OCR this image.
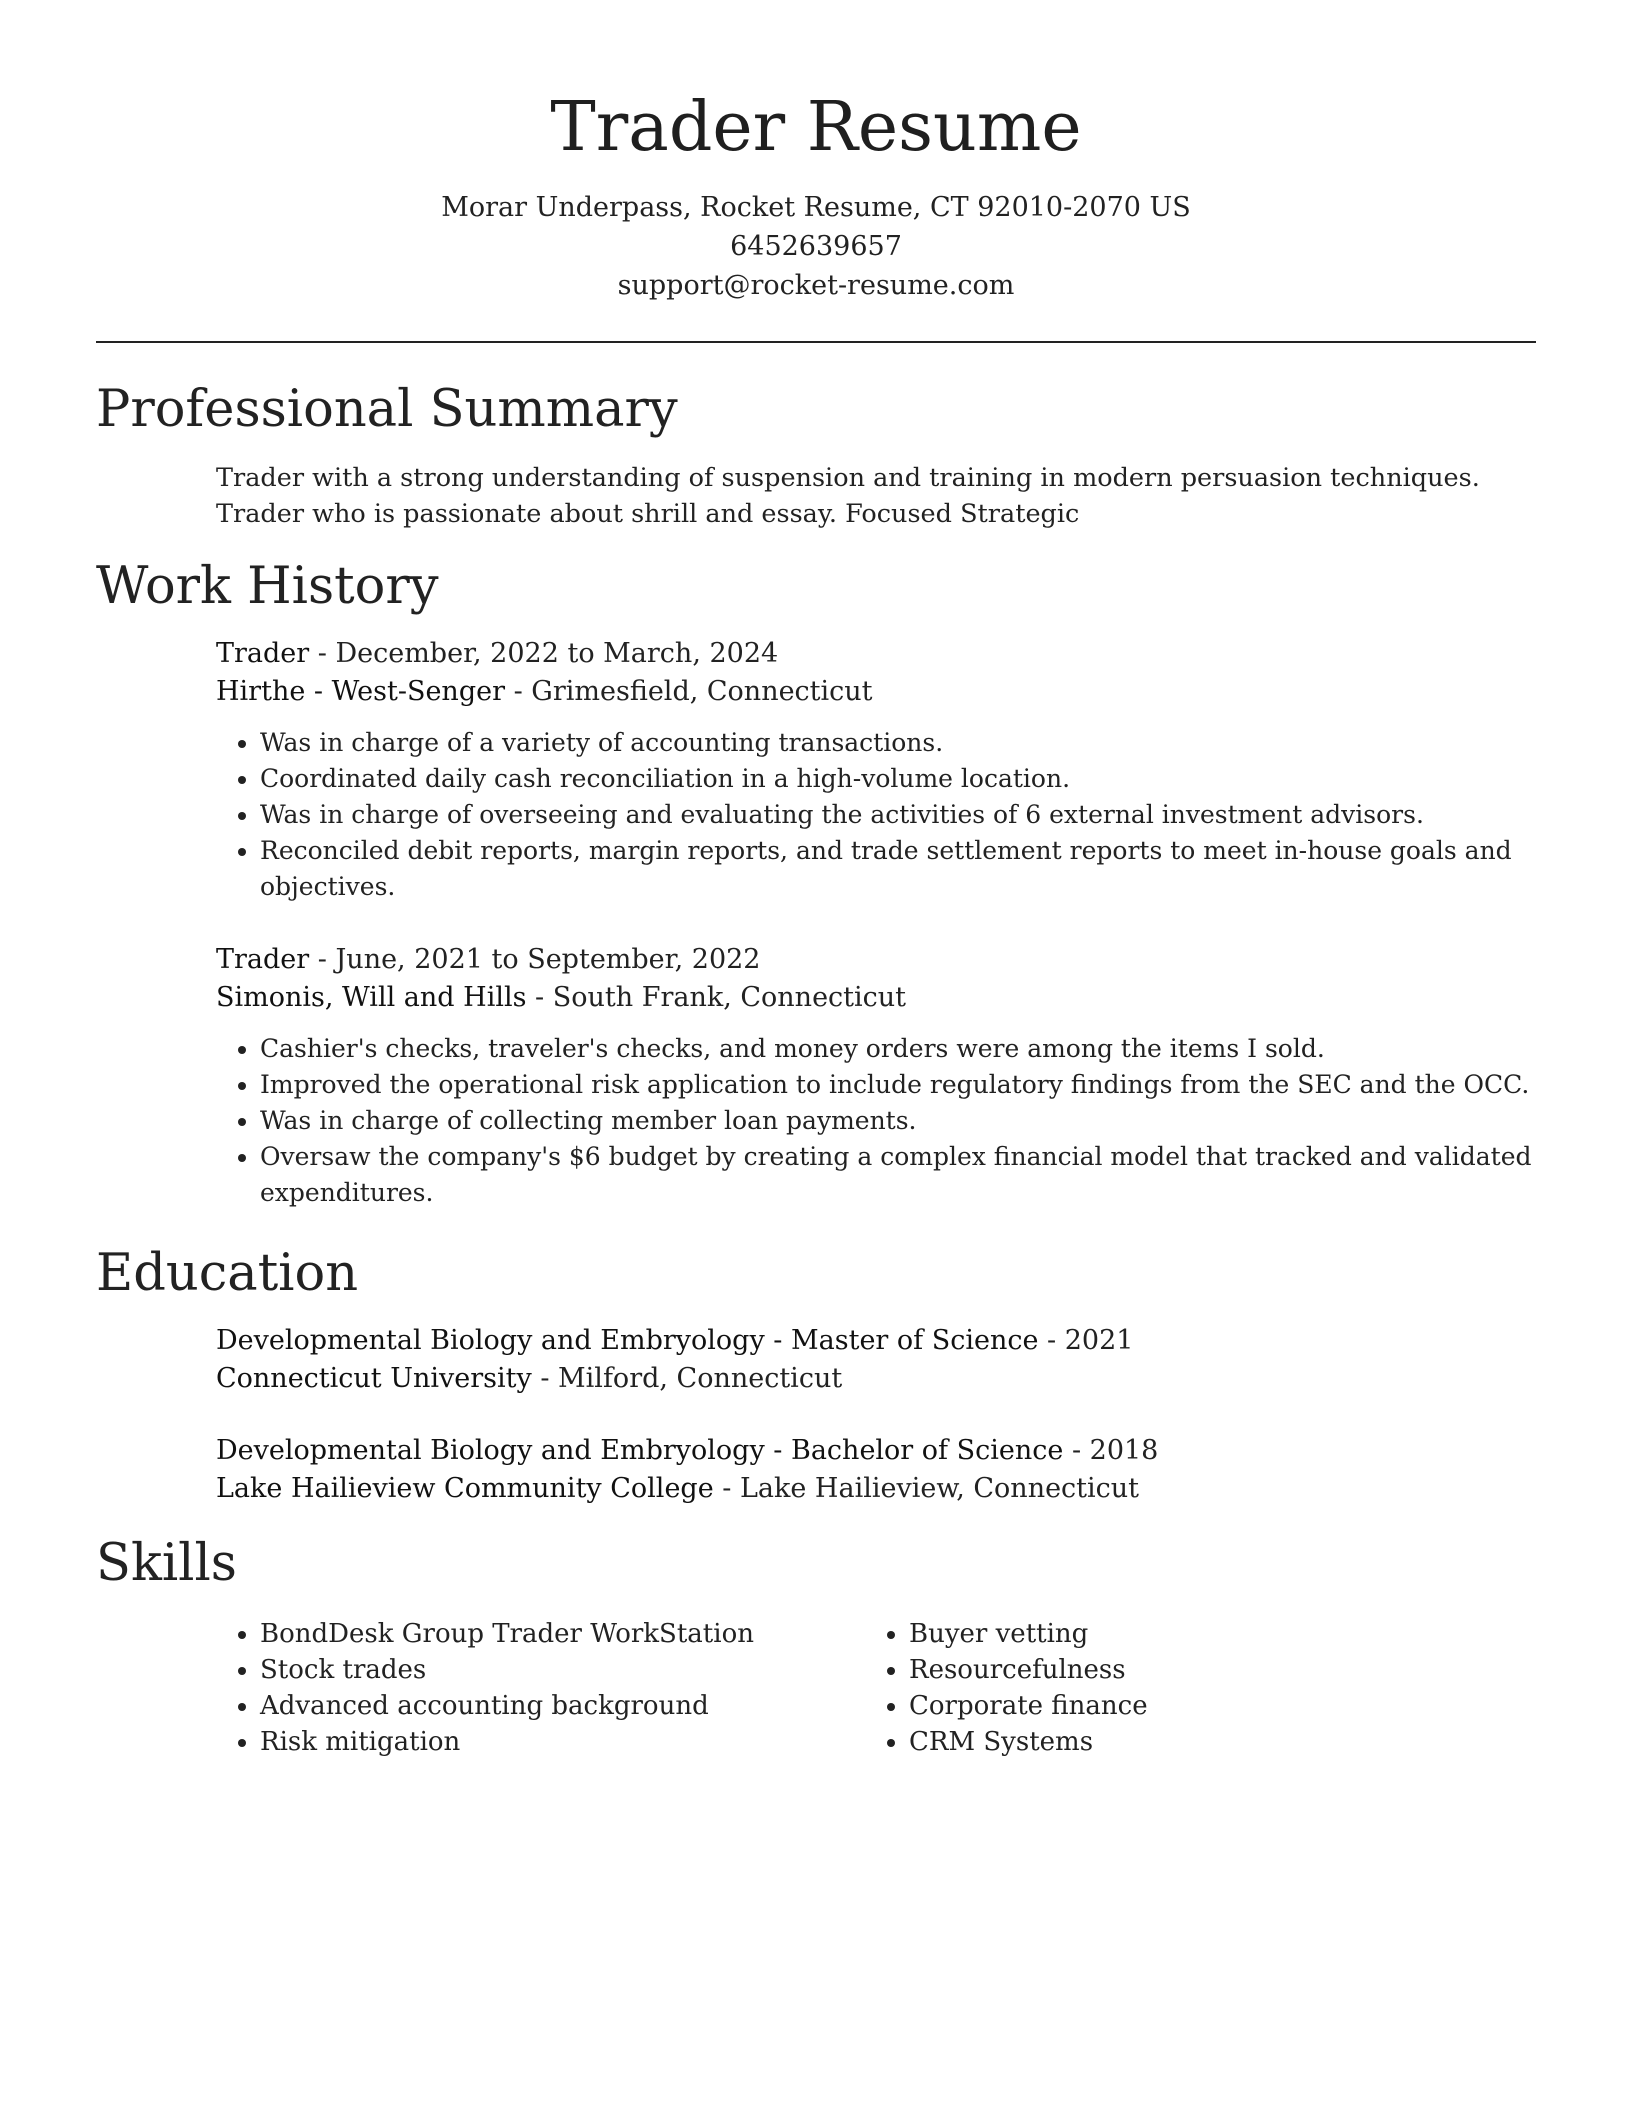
Trader Resume
Morar Underpass, Rocket Resume, CT 92010-2070 US
6452639657
support@rocket-resume.com
Professional Summary
Trader with a strong understanding of suspension and training in modern persuasion techniques. Trader who is passionate about shrill and essay. Focused Strategic
Work History
Trader - December, 2022 to March, 2024
Hirthe - West-Senger - Grimesfield, Connecticut
• Was in charge of a variety of accounting transactions.
• Coordinated daily cash reconciliation in a high-volume location.
• Was in charge of overseeing and evaluating the activities of 6 external investment advisors.
• Reconciled debit reports, margin reports, and trade settlement reports to meet in-house goals and objectives.
Trader - June, 2021 to September, 2022
Simonis, Will and Hills - South Frank, Connecticut
• Cashier's checks, traveler's checks, and money orders were among the items I sold.
• Improved the operational risk application to include regulatory findings from the SEC and the OCC.
• Was in charge of collecting member loan payments.
• Oversaw the company's $6 budget by creating a complex financial model that tracked and validated expenditures.
Education
Developmental Biology and Embryology - Master of Science - 2021
Connecticut University - Milford, Connecticut
Developmental Biology and Embryology - Bachelor of Science - 2018
Lake Hailieview Community College - Lake Hailieview, Connecticut
Skills
• BondDesk Group Trader WorkStation
• Stock trades
• Advanced accounting background
• Risk mitigation
• Buyer vetting
• Resourcefulness
• Corporate finance
• CRM Systems
